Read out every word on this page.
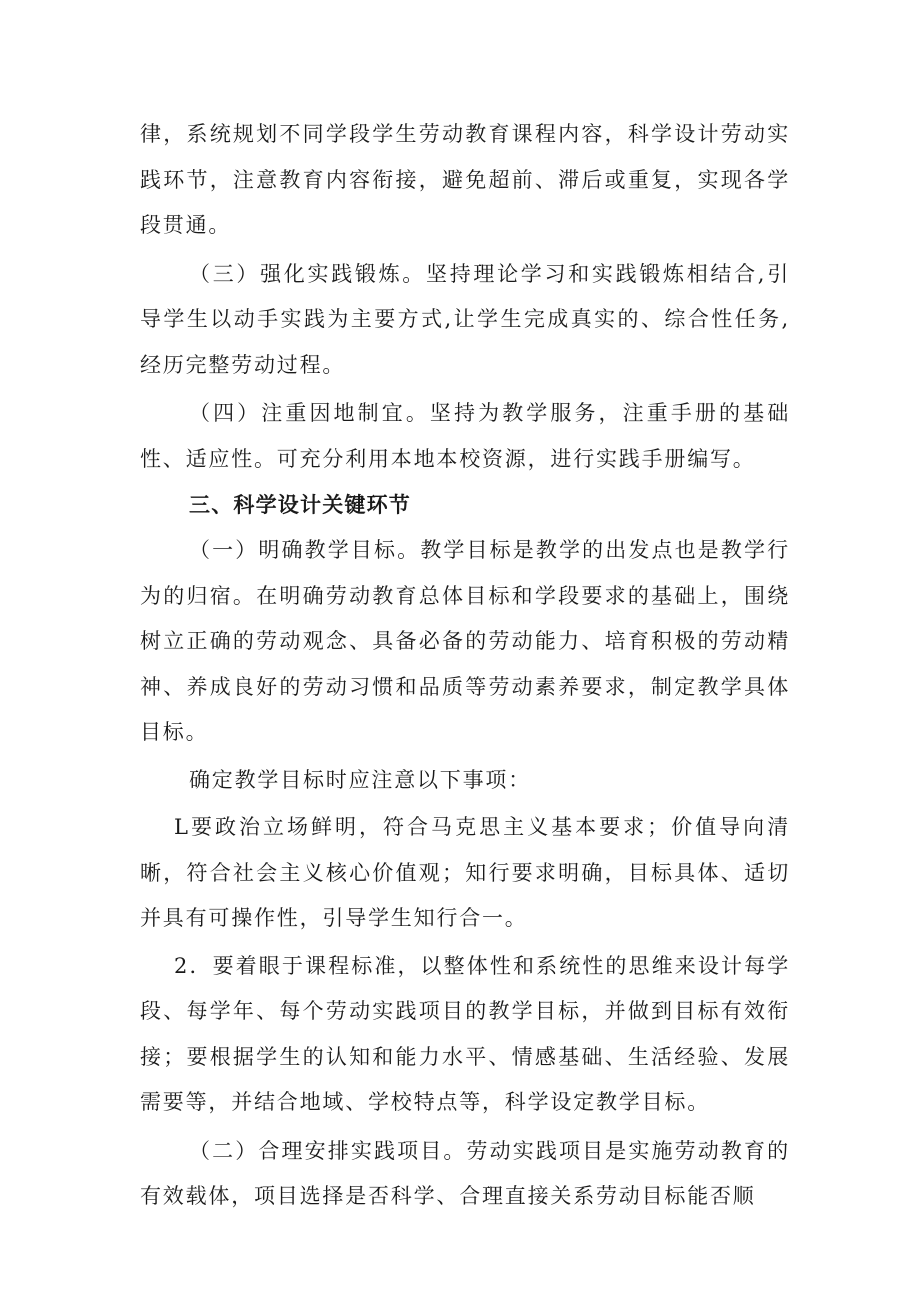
律，系统规划不同学段学生劳动教育课程内容，科学设计劳动实践环节，注意教育内容衔接，避免超前、滞后或重复，实现各学段贯通。

（三）强化实践锻炼。坚持理论学习和实践锻炼相结合,引导学生以动手实践为主要方式,让学生完成真实的、综合性任务,经历完整劳动过程。

（四）注重因地制宜。坚持为教学服务，注重手册的基础性、适应性。可充分利用本地本校资源，进行实践手册编写。

三、科学设计关键环节

（一）明确教学目标。教学目标是教学的出发点也是教学行为的归宿。在明确劳动教育总体目标和学段要求的基础上，围绕树立正确的劳动观念、具备必备的劳动能力、培育积极的劳动精神、养成良好的劳动习惯和品质等劳动素养要求，制定教学具体目标。

确定教学目标时应注意以下事项：

L要政治立场鲜明，符合马克思主义基本要求；价值导向清晰，符合社会主义核心价值观；知行要求明确，目标具体、适切并具有可操作性，引导学生知行合一。

2．要着眼于课程标准，以整体性和系统性的思维来设计每学段、每学年、每个劳动实践项目的教学目标，并做到目标有效衔接；要根据学生的认知和能力水平、情感基础、生活经验、发展需要等，并结合地域、学校特点等，科学设定教学目标。

（二）合理安排实践项目。劳动实践项目是实施劳动教育的有效载体，项目选择是否科学、合理直接关系劳动目标能否顺
